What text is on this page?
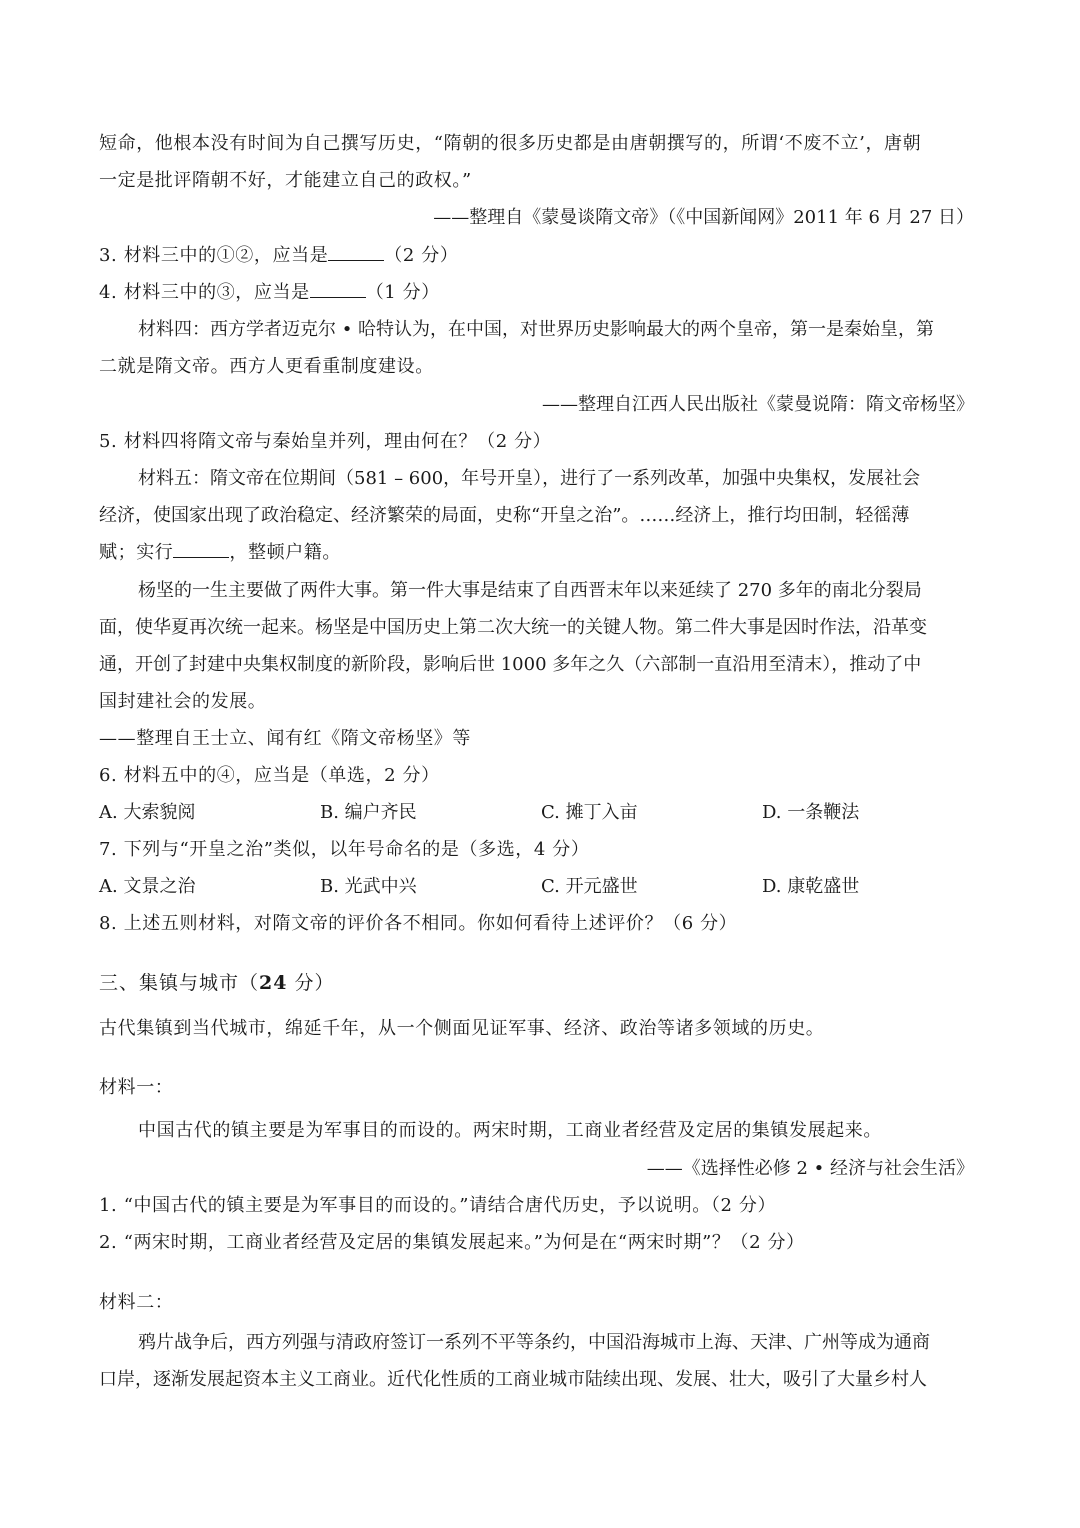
短命，他根本没有时间为自己撰写历史，“隋朝的很多历史都是由唐朝撰写的，所谓‘不废不立’，唐朝
一定是批评隋朝不好，才能建立自己的政权。”
——整理自《蒙曼谈隋文帝》（《中国新闻网》2011 年 6 月 27 日）
3. 材料三中的①②，应当是	（2 分）
4. 材料三中的③，应当是	（1 分）
材料四：西方学者迈克尔 • 哈特认为，在中国，对世界历史影响最大的两个皇帝，第一是秦始皇，第
二就是隋文帝。西方人更看重制度建设。
——整理自江西人民出版社《蒙曼说隋：隋文帝杨坚》
5. 材料四将隋文帝与秦始皇并列，理由何在？（2 分）
材料五：隋文帝在位期间（581 – 600，年号开皇），进行了一系列改革，加强中央集权，发展社会
经济，使国家出现了政治稳定、经济繁荣的局面，史称“开皇之治”。……经济上，推行均田制，轻徭薄
赋；实行	，整顿户籍。
杨坚的一生主要做了两件大事。第一件大事是结束了自西晋末年以来延续了 270 多年的南北分裂局
面，使华夏再次统一起来。杨坚是中国历史上第二次大统一的关键人物。第二件大事是因时作法，沿革变
通，开创了封建中央集权制度的新阶段，影响后世 1000 多年之久（六部制一直沿用至清末），推动了中
国封建社会的发展。
——整理自王士立、闻有红《隋文帝杨坚》等
6. 材料五中的④，应当是（单选，2 分）
A. 大索貌阅	B. 编户齐民	C. 摊丁入亩	D. 一条鞭法
7. 下列与“开皇之治”类似，以年号命名的是（多选，4 分）
A. 文景之治	B. 光武中兴	C. 开元盛世	D. 康乾盛世
8. 上述五则材料，对隋文帝的评价各不相同。你如何看待上述评价？（6 分）
三、集镇与城市（24 分）
古代集镇到当代城市，绵延千年，从一个侧面见证军事、经济、政治等诸多领域的历史。
材料一：
中国古代的镇主要是为军事目的而设的。两宋时期，工商业者经营及定居的集镇发展起来。
——《选择性必修 2 • 经济与社会生活》
1. “中国古代的镇主要是为军事目的而设的。”请结合唐代历史，予以说明。（2 分）
2. “两宋时期，工商业者经营及定居的集镇发展起来。”为何是在“两宋时期”？（2 分）
材料二：
鸦片战争后，西方列强与清政府签订一系列不平等条约，中国沿海城市上海、天津、广州等成为通商
口岸，逐渐发展起资本主义工商业。近代化性质的工商业城市陆续出现、发展、壮大，吸引了大量乡村人
